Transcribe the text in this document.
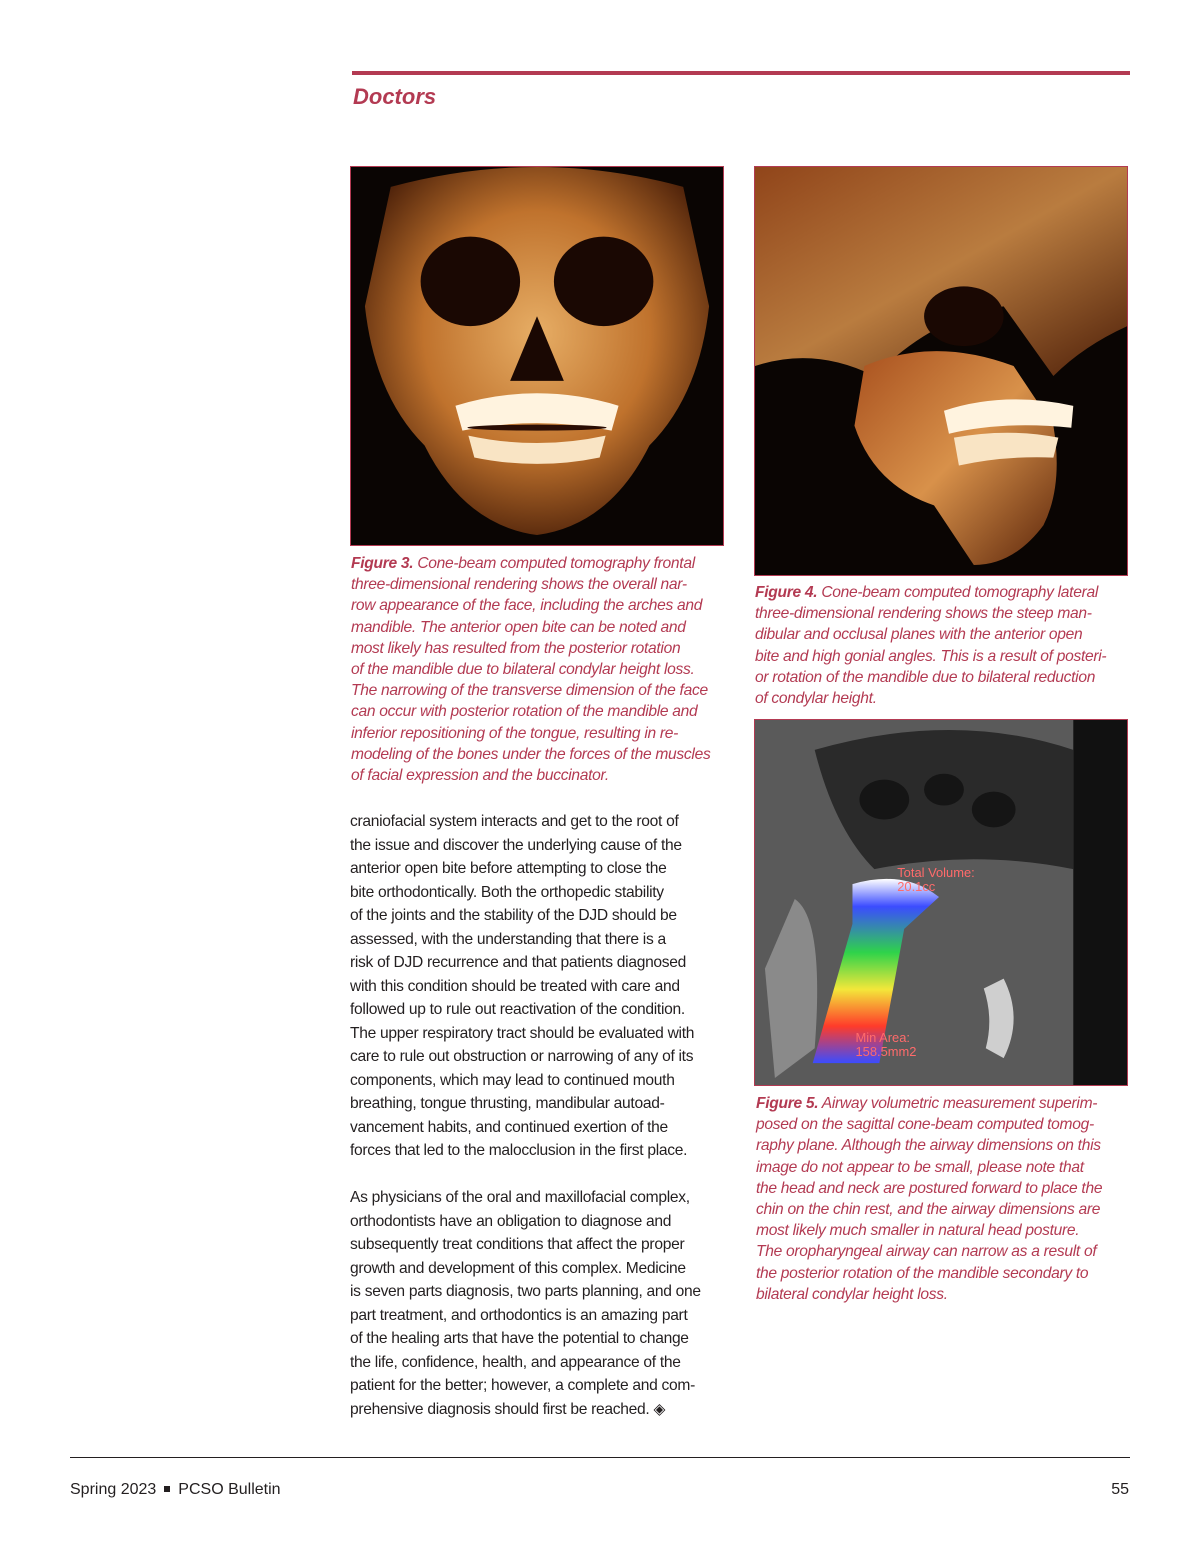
Doctors
Total Volume:
20.1cc
Min Area:
158.5mm2
Figure 3. Cone-beam computed tomography frontal
three-dimensional rendering shows the overall nar-
row appearance of the face, including the arches and
mandible. The anterior open bite can be noted and
most likely has resulted from the posterior rotation
of the mandible due to bilateral condylar height loss.
The narrowing of the transverse dimension of the face
can occur with posterior rotation of the mandible and
inferior repositioning of the tongue, resulting in re-
modeling of the bones under the forces of the muscles
of facial expression and the buccinator.
Figure 4. Cone-beam computed tomography lateral
three-dimensional rendering shows the steep man-
dibular and occlusal planes with the anterior open
bite and high gonial angles. This is a result of posteri-
or rotation of the mandible due to bilateral reduction
of condylar height.
Figure 5. Airway volumetric measurement superim-
posed on the sagittal cone-beam computed tomog-
raphy plane. Although the airway dimensions on this
image do not appear to be small, please note that
the head and neck are postured forward to place the
chin on the chin rest, and the airway dimensions are
most likely much smaller in natural head posture.
The oropharyngeal airway can narrow as a result of
the posterior rotation of the mandible secondary to
bilateral condylar height loss.
craniofacial system interacts and get to the root of
the issue and discover the underlying cause of the
anterior open bite before attempting to close the
bite orthodontically. Both the orthopedic stability
of the joints and the stability of the DJD should be
assessed, with the understanding that there is a
risk of DJD recurrence and that patients diagnosed
with this condition should be treated with care and
followed up to rule out reactivation of the condition.
The upper respiratory tract should be evaluated with
care to rule out obstruction or narrowing of any of its
components, which may lead to continued mouth
breathing, tongue thrusting, mandibular autoad-
vancement habits, and continued exertion of the
forces that led to the malocclusion in the first place.
As physicians of the oral and maxillofacial complex,
orthodontists have an obligation to diagnose and
subsequently treat conditions that affect the proper
growth and development of this complex. Medicine
is seven parts diagnosis, two parts planning, and one
part treatment, and orthodontics is an amazing part
of the healing arts that have the potential to change
the life, confidence, health, and appearance of the
patient for the better; however, a complete and com-
prehensive diagnosis should first be reached. ◈
Spring 2023 PCSO Bulletin	55
